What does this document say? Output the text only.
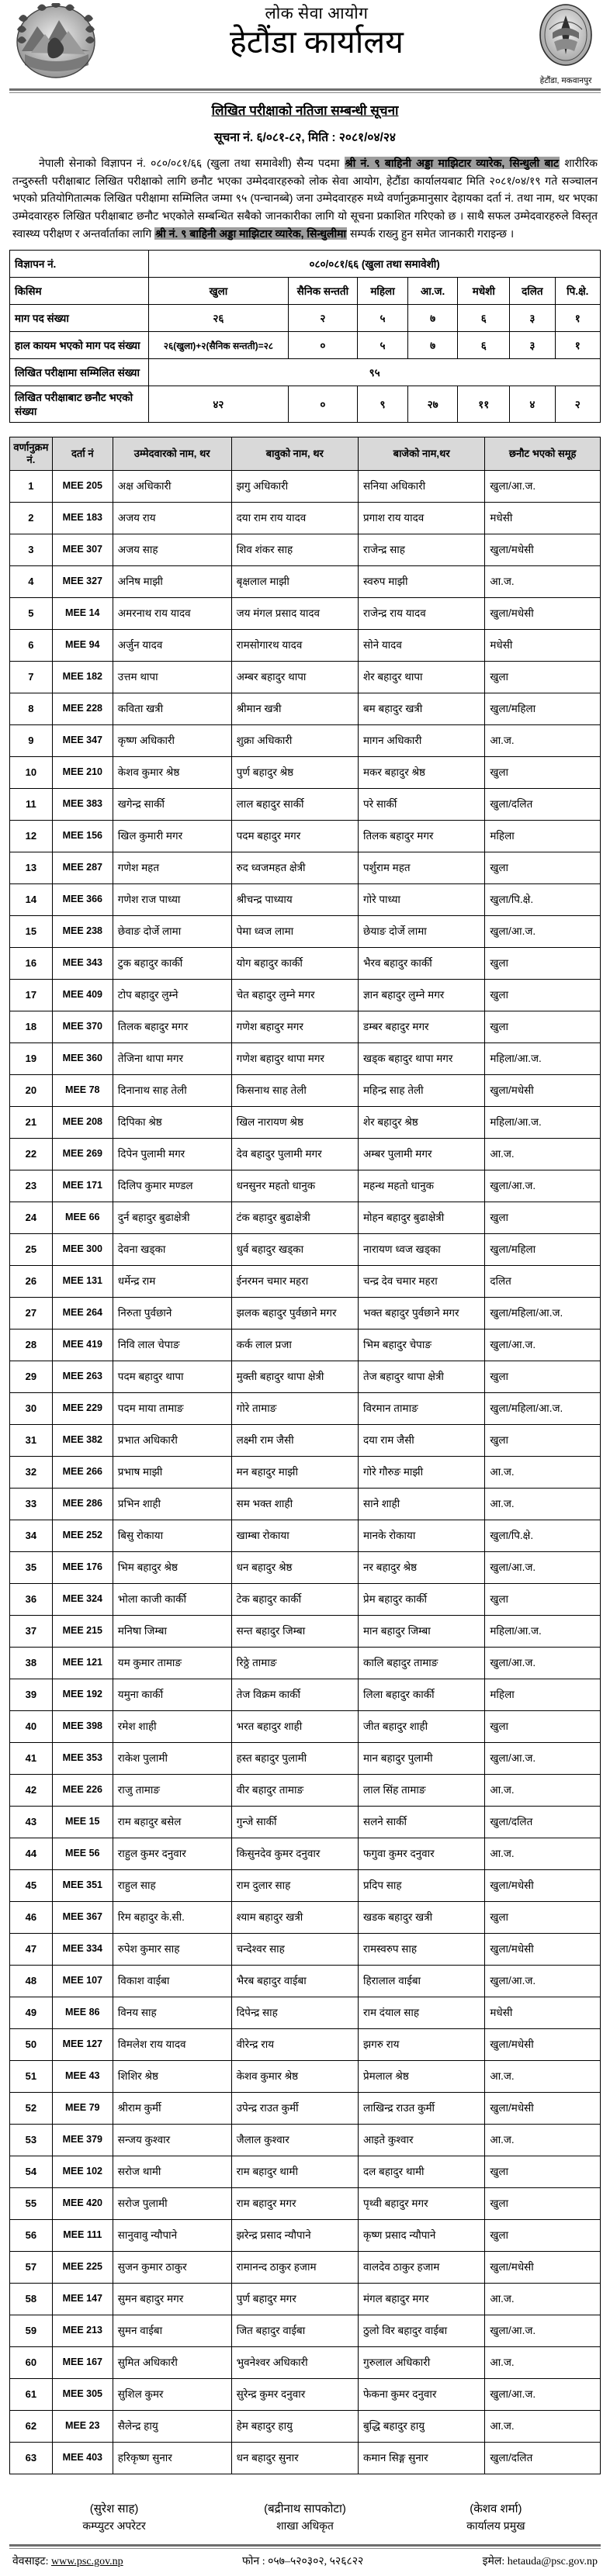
लोक सेवा आयोग
हेटौंडा कार्यालय
हेटौंडा, मकवानपुर
लिखित परीक्षाको नतिजा सम्बन्धी सूचना
सूचना नं. ६/०८१-८२, मिति : २०८१/०४/२४

नेपाली सेनाको विज्ञापन नं. ०८०/०८१/६६ (खुला तथा समावेशी) सैन्य पदमा श्री नं. ९ बाहिनी अड्डा माझिटार व्यारेक, सिन्धुली बाट शारीरिक तन्दुरुस्ती परीक्षाबाट लिखित परीक्षाको लागि छनौट भएका उम्मेदवारहरुको लोक सेवा आयोग, हेटौंडा कार्यालयबाट मिति २०८१/०४/१९ गते सञ्चालन भएको प्रतियोगितात्मक लिखित परीक्षामा सम्मिलित जम्मा ९५ (पन्चानब्बे) जना उम्मेदवारहरु मध्ये वर्णानुक्रमानुसार देहायका दर्ता नं. तथा नाम, थर भएका उम्मेदवारहरु लिखित परीक्षाबाट छनौट भएकोले सम्बन्धित सबैको जानकारीका लागि यो सूचना प्रकाशित गरिएको छ । साथै सफल उम्मेदवारहरुले विस्तृत स्वास्थ्य परीक्षण र अन्तर्वार्ताका लागि श्री नं. ९ बाहिनी अड्डा माझिटार व्यारेक, सिन्धुलीमा सम्पर्क राख्नु हुन समेत जानकारी गराइन्छ ।

विज्ञापन नं.	०८०/०८१/६६ (खुला तथा समावेशी)						
किसिम	खुला	सैनिक सन्तती	महिला	आ.ज.	मधेशी	दलित	पि.क्षे.
माग पद संख्या	२६	२	५	७	६	३	१
हाल कायम भएको माग पद संख्या	२६(खुला)+२(सैनिक सन्तती)=२८	०	५	७	६	३	१
लिखित परीक्षामा सम्मिलित संख्या	९५						
लिखित परीक्षाबाट छनौट भएको संख्या	४२	०	९	२७	११	४	२
वर्णानुक्रम नं.	दर्ता नं	उम्मेदवारको नाम, थर	बावुको नाम, थर	बाजेको नाम,थर	छनौट भएको समूह
1	MEE 205	अक्ष अधिकारी	झगु अधिकारी	सनिया अधिकारी	खुला/आ.ज.
2	MEE 183	अजय राय	दया राम राय यादव	प्रगाश राय यादव	मधेसी
3	MEE 307	अजय साह	शिव शंकर साह	राजेन्द्र साह	खुला/मधेसी
4	MEE 327	अनिष माझी	बृक्षलाल माझी	स्वरुप माझी	आ.ज.
5	MEE 14	अमरनाथ राय यादव	जय मंगल प्रसाद यादव	राजेन्द्र राय यादव	खुला/मधेसी
6	MEE 94	अर्जुन यादव	रामसोगारथ यादव	सोने यादव	मधेसी
7	MEE 182	उत्तम थापा	अम्बर बहादुर थापा	शेर बहादुर थापा	खुला
8	MEE 228	कविता खत्री	श्रीमान खत्री	बम बहादुर खत्री	खुला/महिला
9	MEE 347	कृष्ण अधिकारी	शुक्रा अधिकारी	मागन अधिकारी	आ.ज.
10	MEE 210	केशव कुमार श्रेष्ठ	पुर्ण बहादुर श्रेष्ठ	मकर बहादुर श्रेष्ठ	खुला
11	MEE 383	खगेन्द्र सार्की	लाल बहादुर सार्की	परे सार्की	खुला/दलित
12	MEE 156	खिल कुमारी मगर	पदम बहादुर मगर	तिलक बहादुर मगर	महिला
13	MEE 287	गणेश महत	रुद ध्वजमहत क्षेत्री	पर्शुराम महत	खुला
14	MEE 366	गणेश राज पाध्या	श्रीचन्द्र पाध्याय	गोरे पाध्या	खुला/पि.क्षे.
15	MEE 238	छेवाङ दोर्जे लामा	पेमा ध्वज लामा	छेयाङ दोर्जे लामा	खुला/आ.ज.
16	MEE 343	टुक बहादुर कार्की	योग बहादुर कार्की	भैरव बहादुर कार्की	खुला
17	MEE 409	टोप बहादुर लुम्ने	चेत बहादुर लुम्ने मगर	ज्ञान बहादुर लुम्ने मगर	खुला
18	MEE 370	तिलक बहादुर मगर	गणेश बहादुर मगर	डम्बर बहादुर मगर	खुला
19	MEE 360	तेजिना थापा मगर	गणेश बहादुर थापा मगर	खड्क बहादुर थापा मगर	महिला/आ.ज.
20	MEE 78	दिनानाथ साह तेली	किसनाथ साह तेली	महिन्द्र साह तेली	खुला/मधेसी
21	MEE 208	दिपिका श्रेष्ठ	खिल नारायण श्रेष्ठ	शेर बहादुर श्रेष्ठ	महिला/आ.ज.
22	MEE 269	दिपेन पुलामी मगर	देव बहादुर पुलामी मगर	अम्बर पुलामी मगर	आ.ज.
23	MEE 171	दिलिप कुमार मण्डल	धनसुनर महतो धानुक	महन्थ महतो धानुक	खुला/आ.ज.
24	MEE 66	दुर्न बहादुर बुढाक्षेत्री	टंक बहादुर बुढाक्षेत्री	मोहन बहादुर बुढाक्षेत्री	खुला
25	MEE 300	देवना खड्का	धुर्व बहादुर खड्का	नारायण ध्वज खड्का	खुला/महिला
26	MEE 131	धर्मेन्द्र राम	ईनरमन चमार महरा	चन्द्र देव चमार महरा	दलित
27	MEE 264	निरुता पुर्वछाने	झलक बहादुर पुर्वछाने मगर	भक्त बहादुर पुर्वछाने मगर	खुला/महिला/आ.ज.
28	MEE 419	निवि लाल चेपाङ	कर्क लाल प्रजा	भिम बहादुर चेपाङ	खुला/आ.ज.
29	MEE 263	पदम बहादुर थापा	मुक्ती बहादुर थापा क्षेत्री	तेज बहादुर थापा क्षेत्री	खुला
30	MEE 229	पदम माया तामाङ	गोरे तामाङ	विरमान तामाङ	खुला/महिला/आ.ज.
31	MEE 382	प्रभात अधिकारी	लक्ष्मी राम जैसी	दया राम जैसी	खुला
32	MEE 266	प्रभाष माझी	मन बहादुर माझी	गोरे गौरुङ माझी	आ.ज.
33	MEE 286	प्रभिन शाही	सम भक्त शाही	साने शाही	आ.ज.
34	MEE 252	बिसु रोकाया	खाम्बा रोकाया	मानके रोकाया	खुला/पि.क्षे.
35	MEE 176	भिम बहादुर श्रेष्ठ	धन बहादुर श्रेष्ठ	नर बहादुर श्रेष्ठ	खुला/आ.ज.
36	MEE 324	भोला काजी कार्की	टेक बहादुर कार्की	प्रेम बहादुर कार्की	खुला
37	MEE 215	मनिषा जिम्बा	सन्त बहादुर जिम्बा	मान बहादुर जिम्बा	महिला/आ.ज.
38	MEE 121	यम कुमार तामाङ	रिठ्ठे तामाङ	कालि बहादुर तामाङ	खुला/आ.ज.
39	MEE 192	यमुना कार्की	तेज विक्रम कार्की	लिला बहादुर कार्की	महिला
40	MEE 398	रमेश शाही	भरत बहादुर शाही	जीत बहादुर शाही	खुला
41	MEE 353	राकेश पुलामी	हस्त बहादुर पुलामी	मान बहादुर पुलामी	खुला/आ.ज.
42	MEE 226	राजु तामाङ	वीर बहादुर तामाङ	लाल सिंह तामाङ	आ.ज.
43	MEE 15	राम बहादुर बसेल	गुन्जे सार्की	सलने सार्की	खुला/दलित
44	MEE 56	राहुल कुमर दनुवार	किसुनदेव कुमर दनुवार	फगुवा कुमर दनुवार	आ.ज.
45	MEE 351	राहुल साह	राम दुलार साह	प्रदिप साह	खुला/मधेसी
46	MEE 367	रिम बहादुर के.सी.	श्याम बहादुर खत्री	खडक बहादुर खत्री	खुला
47	MEE 334	रुपेश कुमार साह	चन्देश्वर साह	रामस्वरुप साह	खुला/मधेसी
48	MEE 107	विकाश वाईबा	भैरब बहादुर वाईबा	हिरालाल वाईबा	खुला/आ.ज.
49	MEE 86	विनय साह	दिपेन्द्र साह	राम दंयाल साह	मधेसी
50	MEE 127	विमलेश राय यादव	वीरेन्द्र राय	झगरु राय	खुला/मधेसी
51	MEE 43	शिशिर श्रेष्ठ	केशव कुमार श्रेष्ठ	प्रेमलाल श्रेष्ठ	आ.ज.
52	MEE 79	श्रीराम कुर्मी	उपेन्द्र राउत कुर्मी	लाखिन्द्र राउत कुर्मी	खुला/मधेसी
53	MEE 379	सन्जय कुश्वार	जैलाल कुश्वार	आइते कुश्वार	आ.ज.
54	MEE 102	सरोज थामी	राम बहादुर थामी	दल बहादुर थामी	खुला
55	MEE 420	सरोज पुलामी	राम बहादुर मगर	पृथ्वी बहादुर मगर	खुला
56	MEE 111	सानुवावु न्यौपाने	झरेन्द्र प्रसाद न्यौपाने	कृष्ण प्रसाद न्यौपाने	खुला
57	MEE 225	सुजन कुमार ठाकुर	रामानन्द ठाकुर हजाम	वालदेव ठाकुर हजाम	खुला/मधेसी
58	MEE 147	सुमन बहादुर मगर	पुर्ण बहादुर मगर	मंगल बहादुर मगर	आ.ज.
59	MEE 213	सुमन वाईबा	जित बहादुर वाईबा	ठुलो विर बहादुर वाईबा	खुला/आ.ज.
60	MEE 167	सुमित अधिकारी	भुवनेश्वर अधिकारी	गुरुलाल अधिकारी	आ.ज.
61	MEE 305	सुशिल कुमर	सुरेन्द्र कुमर दनुवार	फेकना कुमर दनुवार	खुला/आ.ज.
62	MEE 23	सैलेन्द्र हायु	हेम बहादुर हायु	बुद्धि बहादुर हायु	आ.ज.
63	MEE 403	हरिकृष्ण सुनार	धन बहादुर सुनार	कमान सिङ्ग सुनार	खुला/दलित
(सुरेश साह)
कम्प्युटर अपरेटर
(बद्रीनाथ सापकोटा)
शाखा अधिकृत
(केशव शर्मा)
कार्यालय प्रमुख
वेवसाइट: www.psc.gov.np	फोन : ०५७–५२०३०२, ५२६८२२	इमेल: hetauda@psc.gov.np
